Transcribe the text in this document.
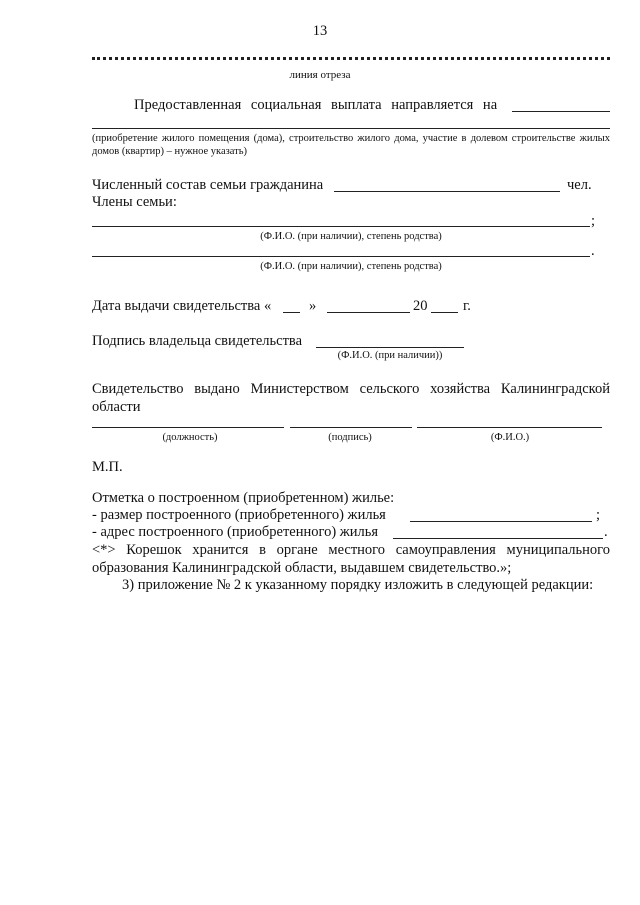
13
линия отреза
Предоставленная социальная выплата направляется на
(приобретение жилого помещения (дома), строительство жилого дома, участие в долевом строительстве жилых домов (квартир) – нужное указать)
Численный состав семьи гражданина	чел.
Члены семьи:
;
(Ф.И.О. (при наличии), степень родства)
.
(Ф.И.О. (при наличии), степень родства)
Дата выдачи свидетельства «	»	20 г.
Подпись владельца свидетельства
(Ф.И.О. (при наличии))
Свидетельство выдано Министерством сельского хозяйства Калининградской области
(должность)	(подпись)	(Ф.И.О.)
М.П.
Отметка о построенном (приобретенном) жилье:
- размер построенного (приобретенного) жилья	;
- адрес построенного (приобретенного) жилья	.
<*> Корешок хранится в органе местного самоуправления муниципального образования Калининградской области, выдавшем свидетельство.»;
3) приложение № 2 к указанному порядку изложить в следующей редакции:
